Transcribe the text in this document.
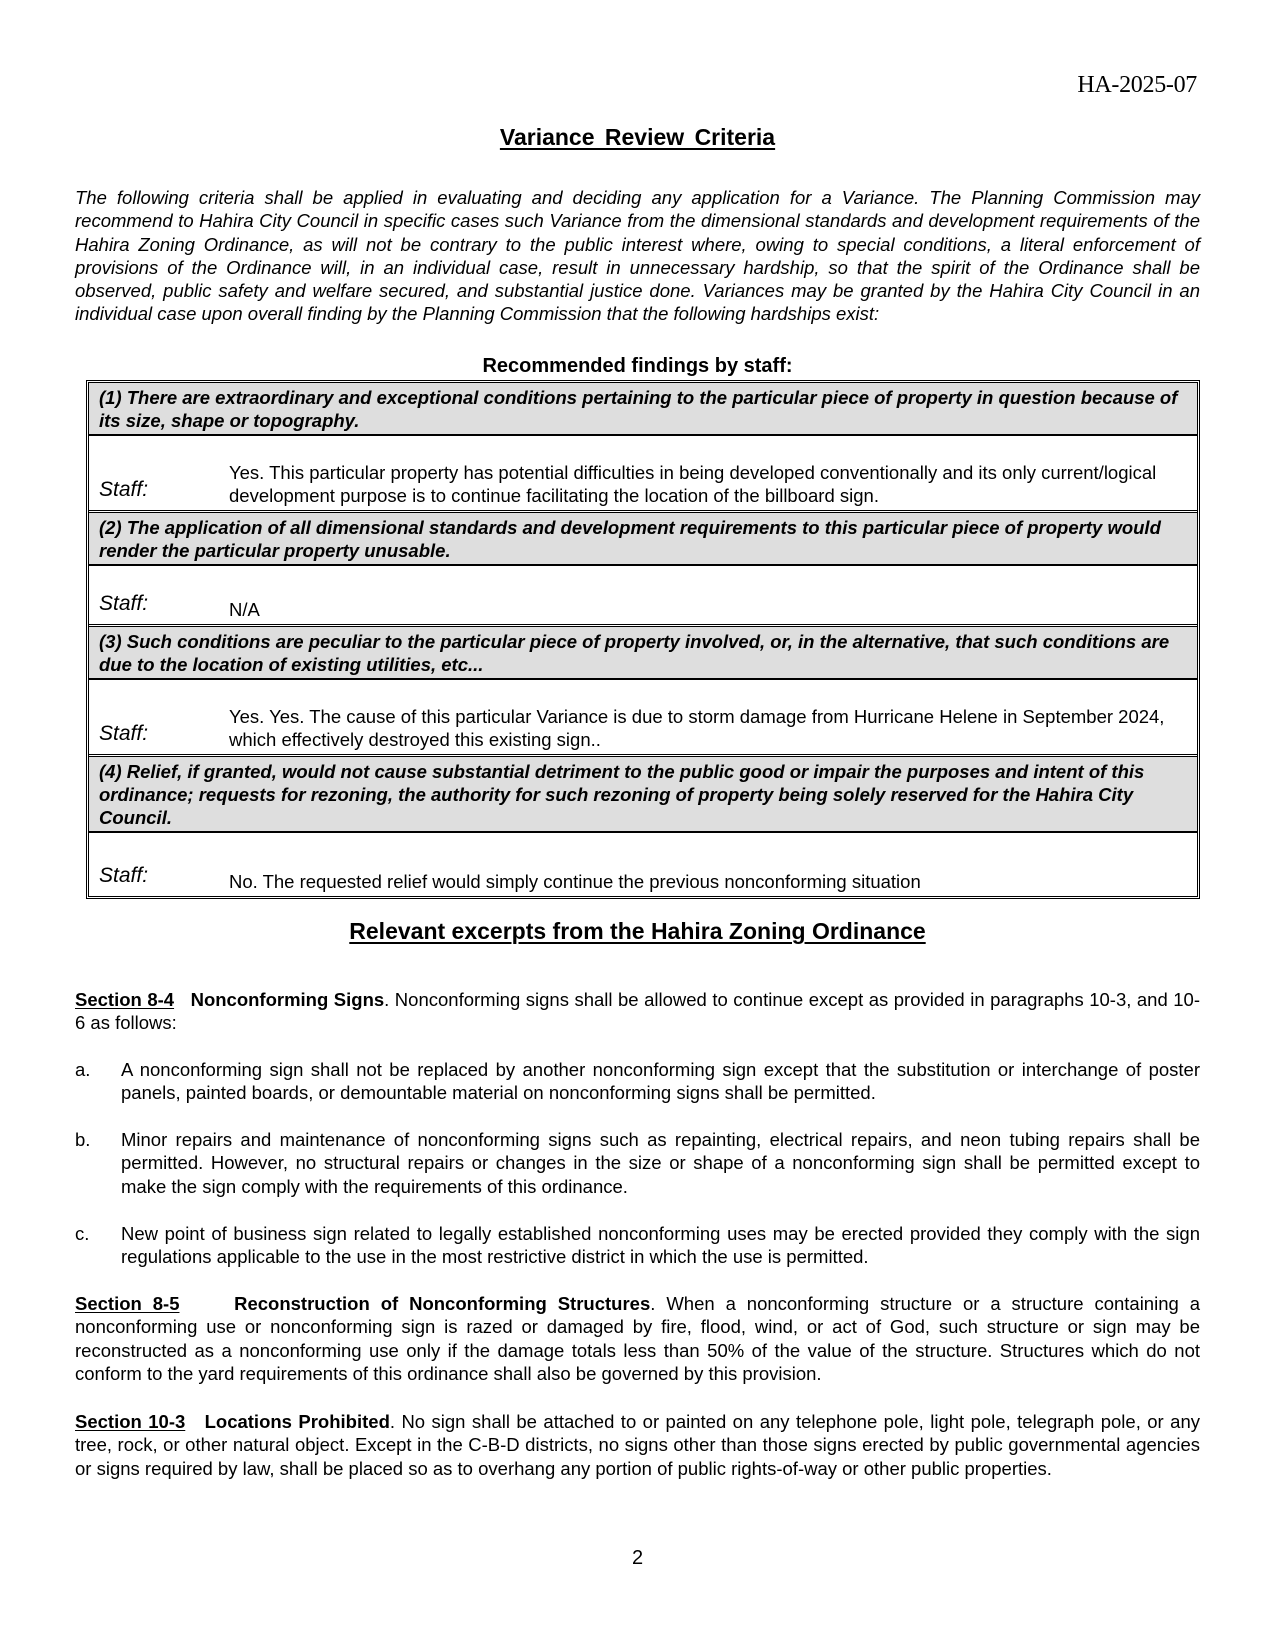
HA-2025-07
Variance Review Criteria
The following criteria shall be applied in evaluating and deciding any application for a Variance. The Planning Commission may recommend to Hahira City Council in specific cases such Variance from the dimensional standards and development requirements of the Hahira Zoning Ordinance, as will not be contrary to the public interest where, owing to special conditions, a literal enforcement of provisions of the Ordinance will, in an individual case, result in unnecessary hardship, so that the spirit of the Ordinance shall be observed, public safety and welfare secured, and substantial justice done. Variances may be granted by the Hahira City Council in an individual case upon overall finding by the Planning Commission that the following hardships exist:
Recommended findings by staff:
(1) There are extraordinary and exceptional conditions pertaining to the particular piece of property in question because of its size, shape or topography.
Staff:
Yes. This particular property has potential difficulties in being developed conventionally and its only current/logical development purpose is to continue facilitating the location of the billboard sign.
(2) The application of all dimensional standards and development requirements to this particular piece of property would render the particular property unusable.
Staff:	N/A
(3) Such conditions are peculiar to the particular piece of property involved, or, in the alternative, that such conditions are due to the location of existing utilities, etc...
Staff:
Yes. Yes. The cause of this particular Variance is due to storm damage from Hurricane Helene in September 2024, which effectively destroyed this existing sign..
(4) Relief, if granted, would not cause substantial detriment to the public good or impair the purposes and intent of this ordinance; requests for rezoning, the authority for such rezoning of property being solely reserved for the Hahira City Council.
Staff:	No. The requested relief would simply continue the previous nonconforming situation
Relevant excerpts from the Hahira Zoning Ordinance
Section 8-4 Nonconforming Signs. Nonconforming signs shall be allowed to continue except as provided in paragraphs 10-3, and 10-6 as follows:
a.	A nonconforming sign shall not be replaced by another nonconforming sign except that the substitution or interchange of poster panels, painted boards, or demountable material on nonconforming signs shall be permitted.
b.	Minor repairs and maintenance of nonconforming signs such as repainting, electrical repairs, and neon tubing repairs shall be permitted. However, no structural repairs or changes in the size or shape of a nonconforming sign shall be permitted except to make the sign comply with the requirements of this ordinance.
c.	New point of business sign related to legally established nonconforming uses may be erected provided they comply with the sign regulations applicable to the use in the most restrictive district in which the use is permitted.
Section 8-5	Reconstruction of Nonconforming Structures. When a nonconforming structure or a structure containing a nonconforming use or nonconforming sign is razed or damaged by fire, flood, wind, or act of God, such structure or sign may be reconstructed as a nonconforming use only if the damage totals less than 50% of the value of the structure. Structures which do not conform to the yard requirements of this ordinance shall also be governed by this provision.
Section 10-3 Locations Prohibited. No sign shall be attached to or painted on any telephone pole, light pole, telegraph pole, or any tree, rock, or other natural object. Except in the C-B-D districts, no signs other than those signs erected by public governmental agencies or signs required by law, shall be placed so as to overhang any portion of public rights-of-way or other public properties.
2
